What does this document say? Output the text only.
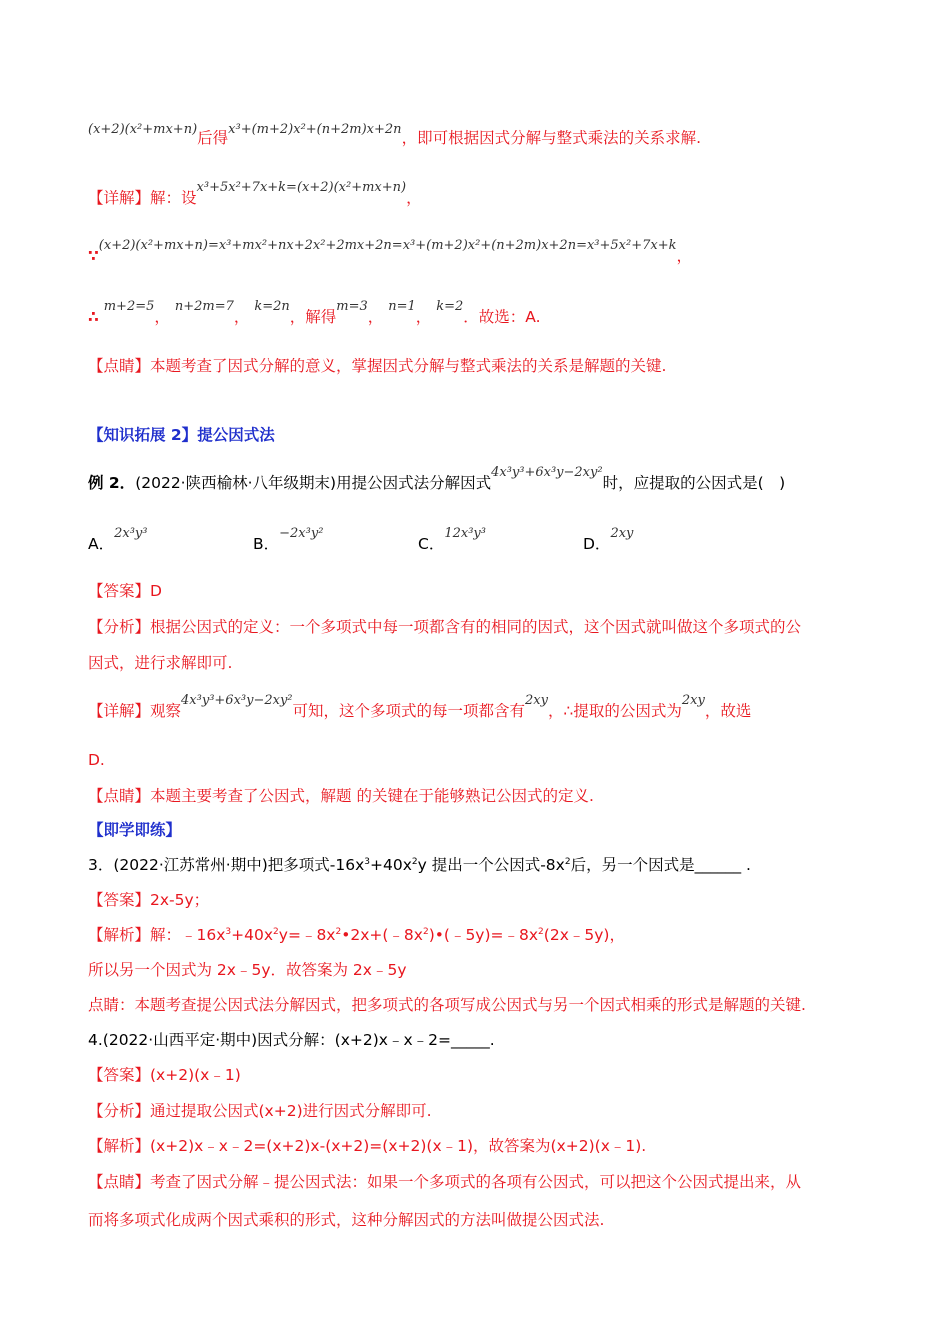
(x+2)(x²+mx+n)后得x³+(m+2)x²+(n+2m)x+2n，即可根据因式分解与整式乘法的关系求解.
【详解】解：设x³+5x²+7x+k=(x+2)(x²+mx+n)，
∵(x+2)(x²+mx+n)=x³+mx²+nx+2x²+2mx+2n=x³+(m+2)x²+(n+2m)x+2n=x³+5x²+7x+k，
∴ m+2=5， n+2m=7， k=2n，解得m=3， n=1， k=2．故选：A.
【点睛】本题考查了因式分解的意义，掌握因式分解与整式乘法的关系是解题的关键.
【知识拓展 2】提公因式法
例 2．(2022·陕西榆林·八年级期末)用提公因式法分解因式4x³y³+6x³y−2xy²时，应提取的公因式是(　)
A．2x³y³
B．−2x³y²
C．12x³y³
D．2xy
【答案】D
【分析】根据公因式的定义：一个多项式中每一项都含有的相同的因式，这个因式就叫做这个多项式的公
因式，进行求解即可.
【详解】观察4x³y³+6x³y−2xy²可知，这个多项式的每一项都含有2xy，∴提取的公因式为2xy，故选
D.
【点睛】本题主要考查了公因式，解题 的关键在于能够熟记公因式的定义.
【即学即练】
3．(2022·江苏常州·期中)把多项式$-16x^3+40x^2y$ 提出一个公因式$-8x^2$后，另一个因式是______ .
【答案】2x-5y；
【解析】解：$﹣16x^3+40x^2y=﹣8x^2•2x+(﹣8x^2)•(﹣5y)=﹣8x^2(2x﹣5y)$，
所以另一个因式为 2x﹣5y．故答案为 2x﹣5y
点睛：本题考查提公因式法分解因式，把多项式的各项写成公因式与另一个因式相乘的形式是解题的关键.
4.(2022·山西平定·期中)因式分解：(x+2)x﹣x﹣2=_____.
【答案】(x+2)(x﹣1)
【分析】通过提取公因式(x+2)进行因式分解即可.
【解析】(x+2)x﹣x﹣2=(x+2)x-(x+2)=(x+2)(x﹣1)，故答案为(x+2)(x﹣1).
【点睛】考查了因式分解﹣提公因式法：如果一个多项式的各项有公因式，可以把这个公因式提出来，从
而将多项式化成两个因式乘积的形式，这种分解因式的方法叫做提公因式法.
